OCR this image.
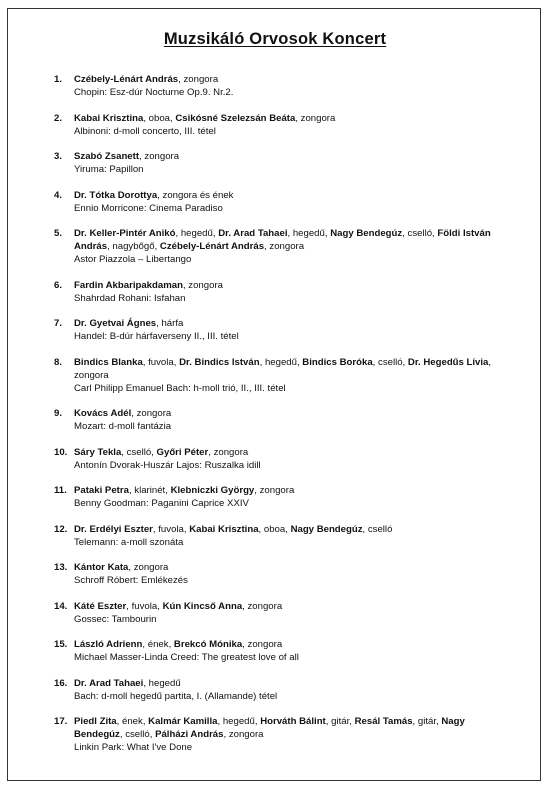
Muzsikáló Orvosok Koncert
1. Czébely-Lénárt András, zongora
Chopin: Esz-dúr Nocturne Op.9. Nr.2.
2. Kabai Krisztina, oboa, Csikósné Szelezsán Beáta, zongora
Albinoni: d-moll concerto, III. tétel
3. Szabó Zsanett, zongora
Yiruma: Papillon
4. Dr. Tótka Dorottya, zongora és ének
Ennio Morricone: Cinema Paradiso
5. Dr. Keller-Pintér Anikó, hegedű, Dr. Arad Tahaei, hegedű, Nagy Bendegúz, cselló, Földi István András, nagybőgő, Czébely-Lénárt András, zongora
Astor Piazzola – Libertango
6. Fardin Akbaripakdaman, zongora
Shahrdad Rohani: Isfahan
7. Dr. Gyetvai Ágnes, hárfa
Handel: B-dúr hárfaverseny II., III. tétel
8. Bindics Blanka, fuvola, Dr. Bindics István, hegedű, Bindics Boróka, cselló, Dr. Hegedűs Lívia, zongora
Carl Philipp Emanuel Bach: h-moll trió, II., III. tétel
9. Kovács Adél, zongora
Mozart: d-moll fantázia
10. Sáry Tekla, cselló, Győri Péter, zongora
Antonín Dvorak-Huszár Lajos: Ruszalka idill
11. Pataki Petra, klarinét, Klebniczki György, zongora
Benny Goodman: Paganini Caprice XXIV
12. Dr. Erdélyi Eszter, fuvola, Kabai Krisztina, oboa, Nagy Bendegúz, cselló
Telemann: a-moll szonáta
13. Kántor Kata, zongora
Schroff Róbert: Emlékezés
14. Káté Eszter, fuvola, Kún Kincső Anna, zongora
Gossec: Tambourin
15. László Adrienn, ének, Brekcó Mónika, zongora
Michael Masser-Linda Creed: The greatest love of all
16. Dr. Arad Tahaei, hegedű
Bach: d-moll hegedű partita, I. (Allamande) tétel
17. Piedl Zita, ének, Kalmár Kamilla, hegedű, Horváth Bálint, gitár, Resál Tamás, gitár, Nagy Bendegúz, cselló, Pálházi András, zongora
Linkin Park: What I've Done
